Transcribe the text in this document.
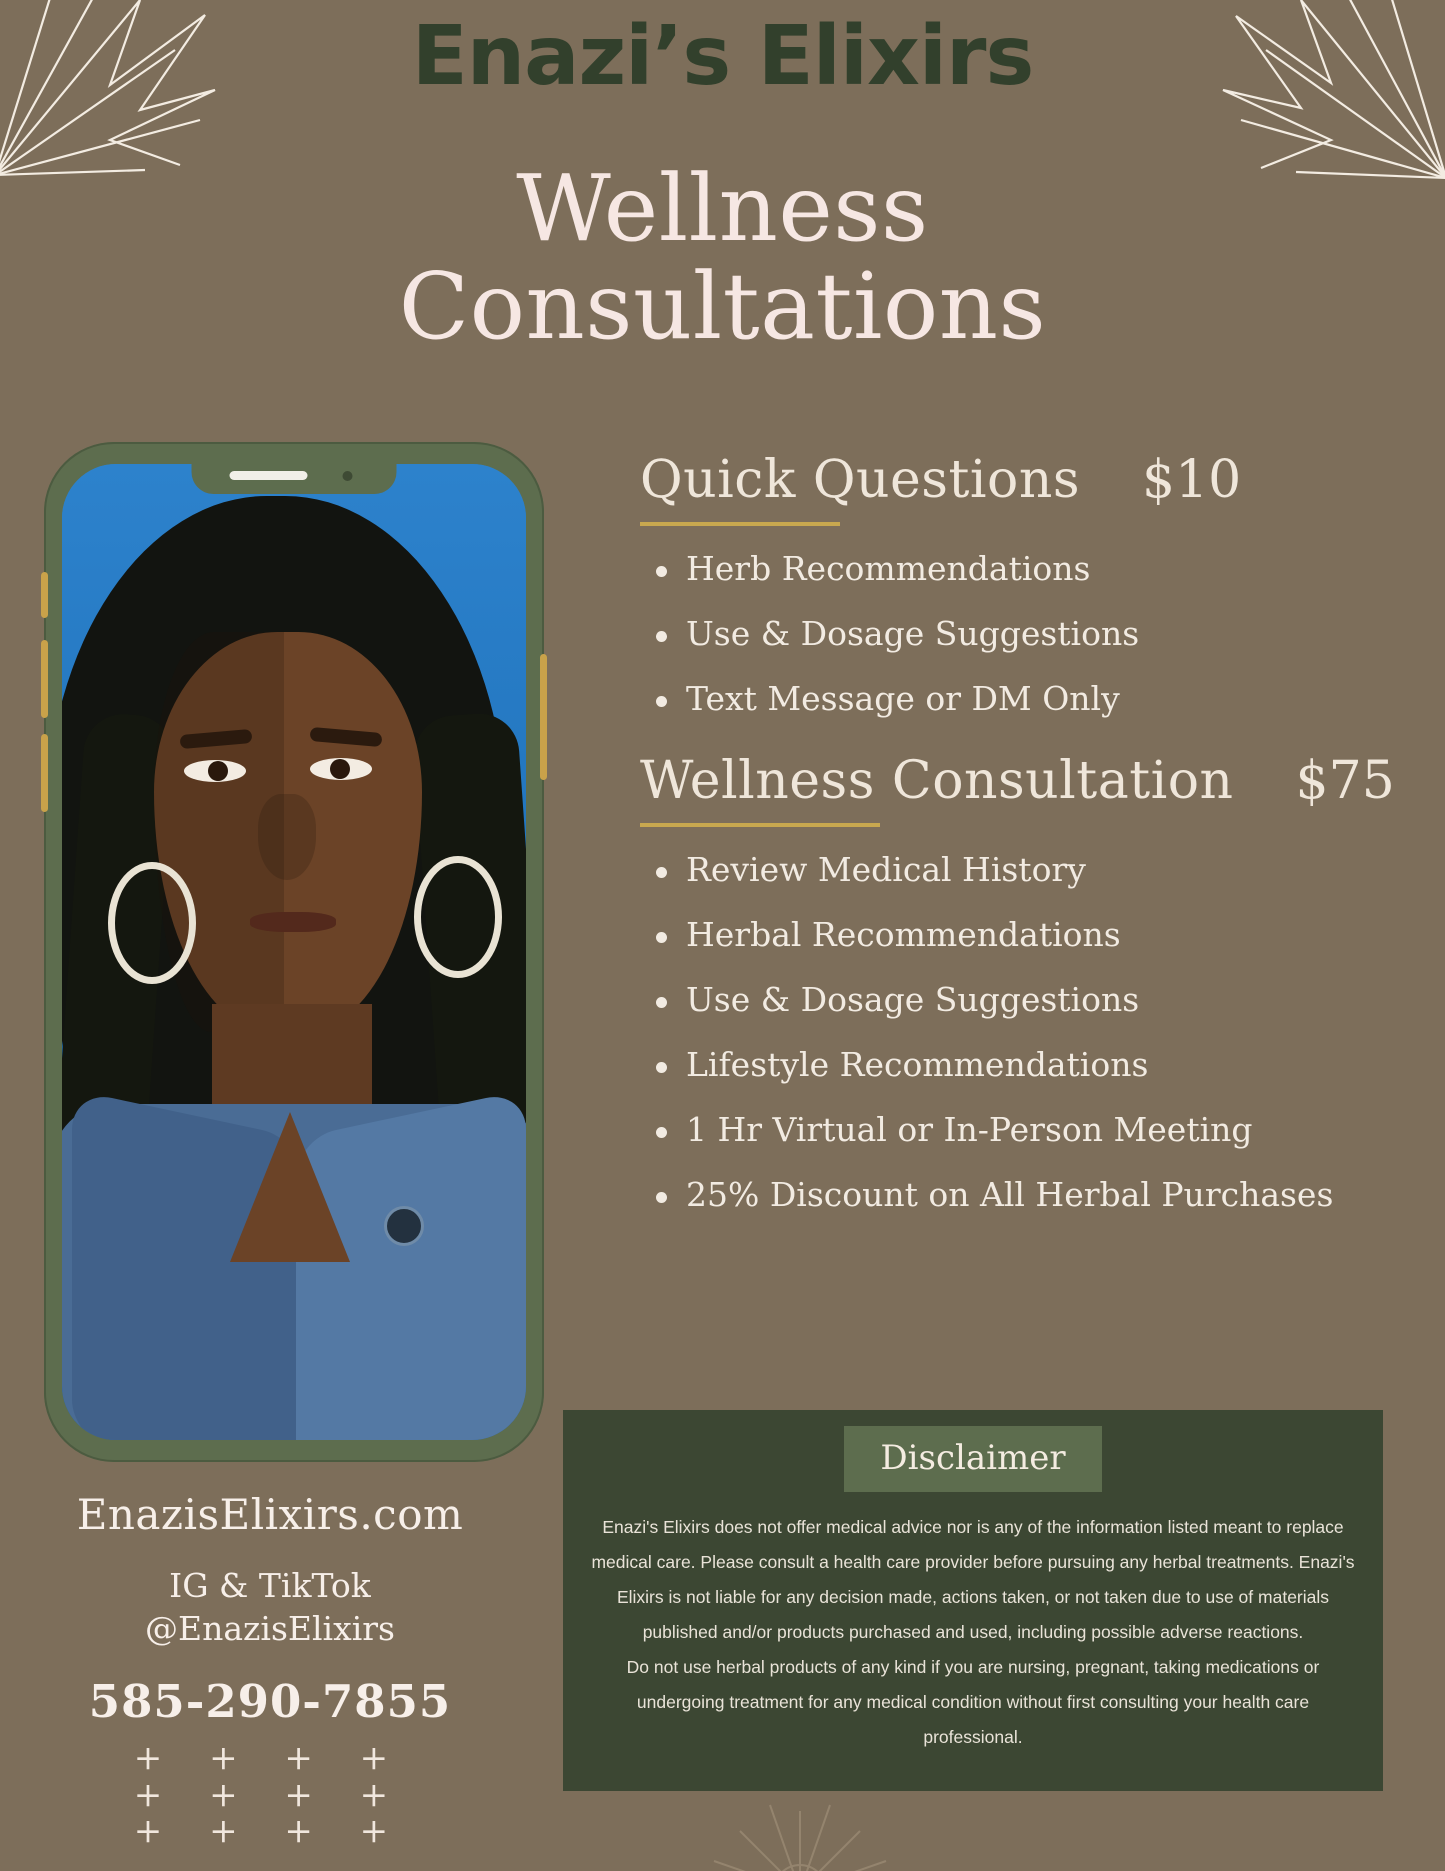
Enazi’s Elixirs
Wellness
Consultations
EnazisElixirs.com
IG & TikTok
@EnazisElixirs
585-290-7855
+ + + +
+ + + +
+ + + +
Quick Questions $10
Herb Recommendations
Use & Dosage Suggestions
Text Message or DM Only
Wellness Consultation $75
Review Medical History
Herbal Recommendations
Use & Dosage Suggestions
Lifestyle Recommendations
1 Hr Virtual or In-Person Meeting
25% Discount on All Herbal Purchases
Disclaimer

Enazi's Elixirs does not offer medical advice nor is any of the information listed meant to replace medical care. Please consult a health care provider before pursuing any herbal treatments. Enazi's Elixirs is not liable for any decision made, actions taken, or not taken due to use of materials published and/or products purchased and used, including possible adverse reactions.

Do not use herbal products of any kind if you are nursing, pregnant, taking medications or undergoing treatment for any medical condition without first consulting your health care professional.
